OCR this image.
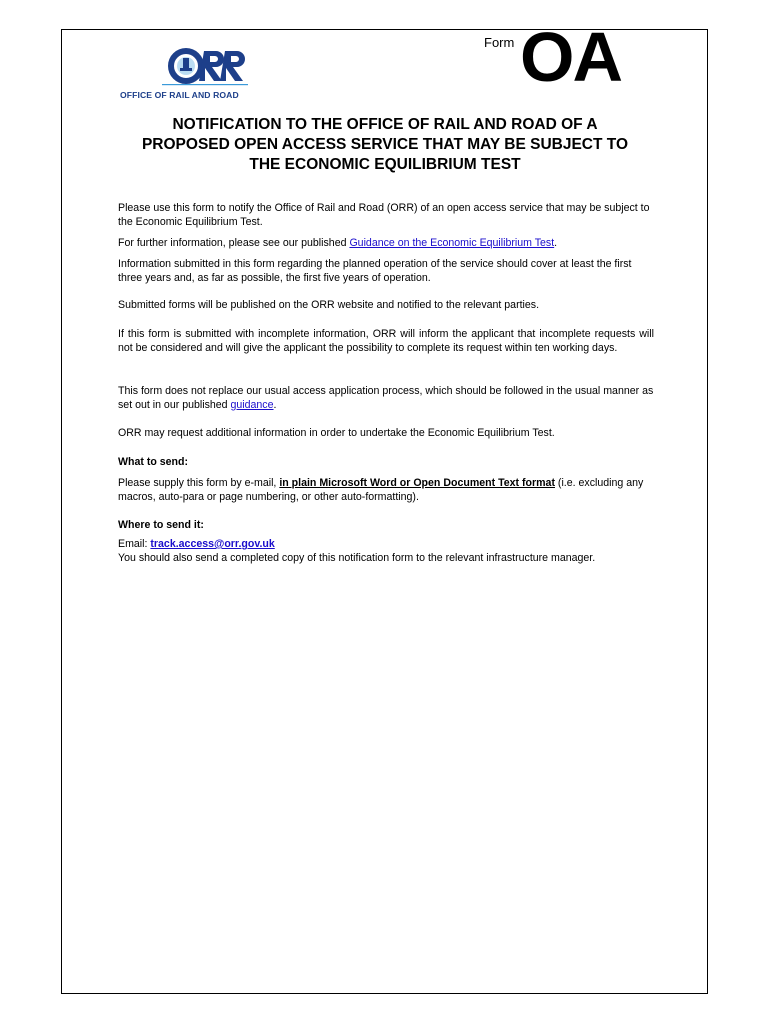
OFFICE OF RAIL AND ROAD
Form OA
NOTIFICATION TO THE OFFICE OF RAIL AND ROAD OF A
PROPOSED OPEN ACCESS SERVICE THAT MAY BE SUBJECT TO
THE ECONOMIC EQUILIBRIUM TEST

Please use this form to notify the Office of Rail and Road (ORR) of an open access service that may be subject to the Economic Equilibrium Test.

For further information, please see our published Guidance on the Economic Equilibrium Test.

Information submitted in this form regarding the planned operation of the service should cover at least the first three years and, as far as possible, the first five years of operation.

Submitted forms will be published on the ORR website and notified to the relevant parties.

If this form is submitted with incomplete information, ORR will inform the applicant that incomplete requests will not be considered and will give the applicant the possibility to complete its request within ten working days.

This form does not replace our usual access application process, which should be followed in the usual manner as set out in our published guidance.

ORR may request additional information in order to undertake the Economic Equilibrium Test.

What to send:

Please supply this form by e-mail, in plain Microsoft Word or Open Document Text format (i.e. excluding any macros, auto-para or page numbering, or other auto-formatting).

Where to send it:

Email: track.access@orr.gov.uk

You should also send a completed copy of this notification form to the relevant infrastructure manager.
